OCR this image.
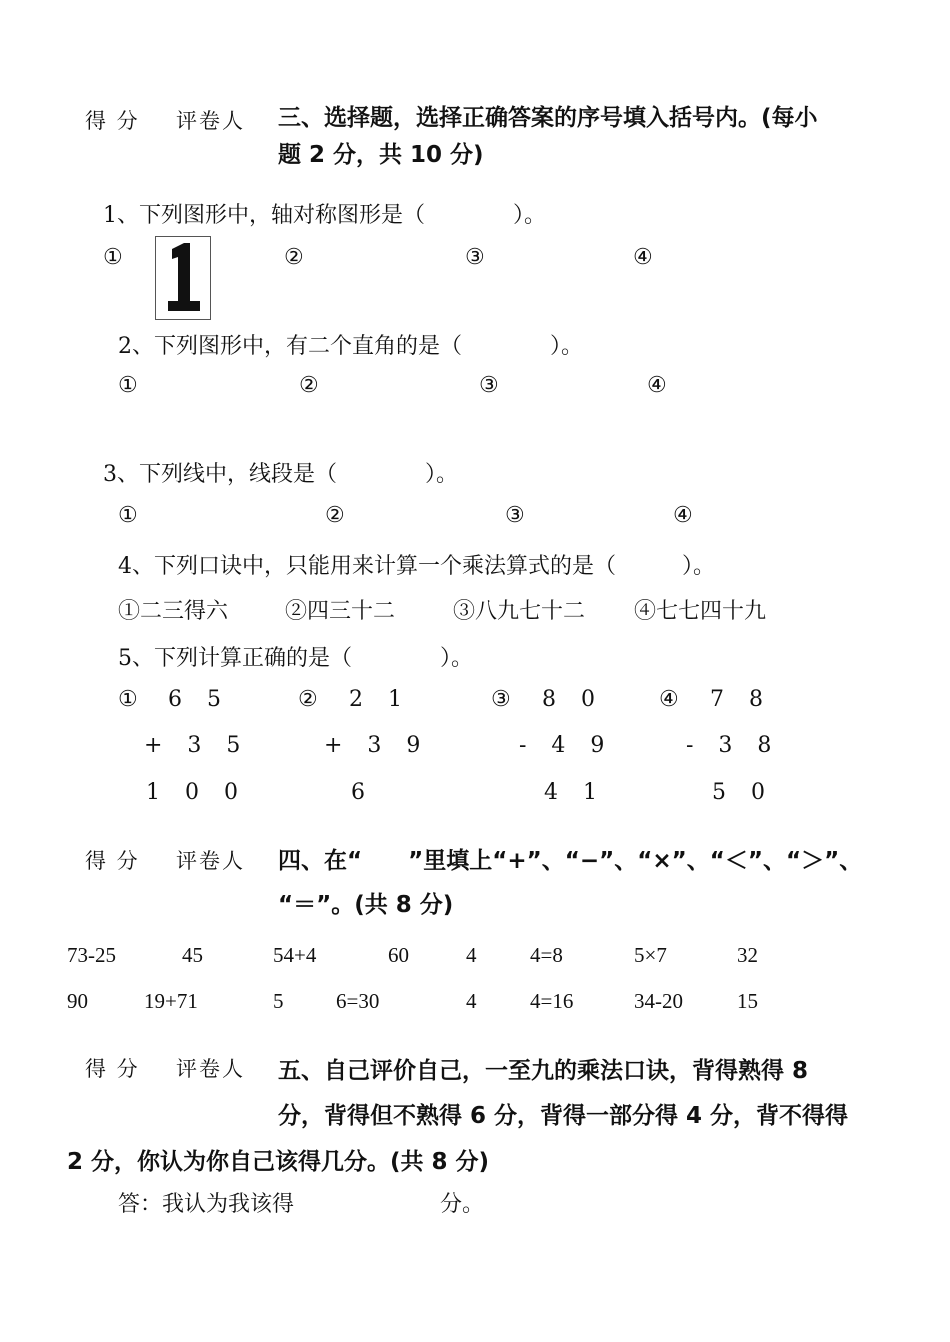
得 分 评卷人 三、选择题，选择正确答案的序号填入括号内。(每小
题 2 分，共 10 分)
1、下列图形中，轴对称图形是（　　　　）。
①	②	③	④
2、下列图形中，有二个直角的是（　　　　）。
①	②	③	④
3、下列线中，线段是（　　　　）。
①	②	③	④
4、下列口诀中，只能用来计算一个乘法算式的是（　　　）。
①二三得六	②四三十二	③八九七十二 ④七七四十九
5、下列计算正确的是（　　　　）。
① 6 5
+ 3 5
1 0 0
② 2 1
+ 3 9
6
③ 8 0
- 4 9
4 1
④ 7 8
- 3 8
5 0
得 分 评卷人 四、在“　　”里填上“+”、“−”、“×”、“＜”、“＞”、
“＝”。(共 8 分)
73-25	45	54+4	60	4	4=8	5×7	32
90	19+71	5	6=30	4	4=16	34-20	15
得 分 评卷人 五、自己评价自己，一至九的乘法口诀，背得熟得 8
分，背得但不熟得 6 分，背得一部分得 4 分，背不得得
2 分，你认为你自己该得几分。(共 8 分)
答：我认为我该得	分。
